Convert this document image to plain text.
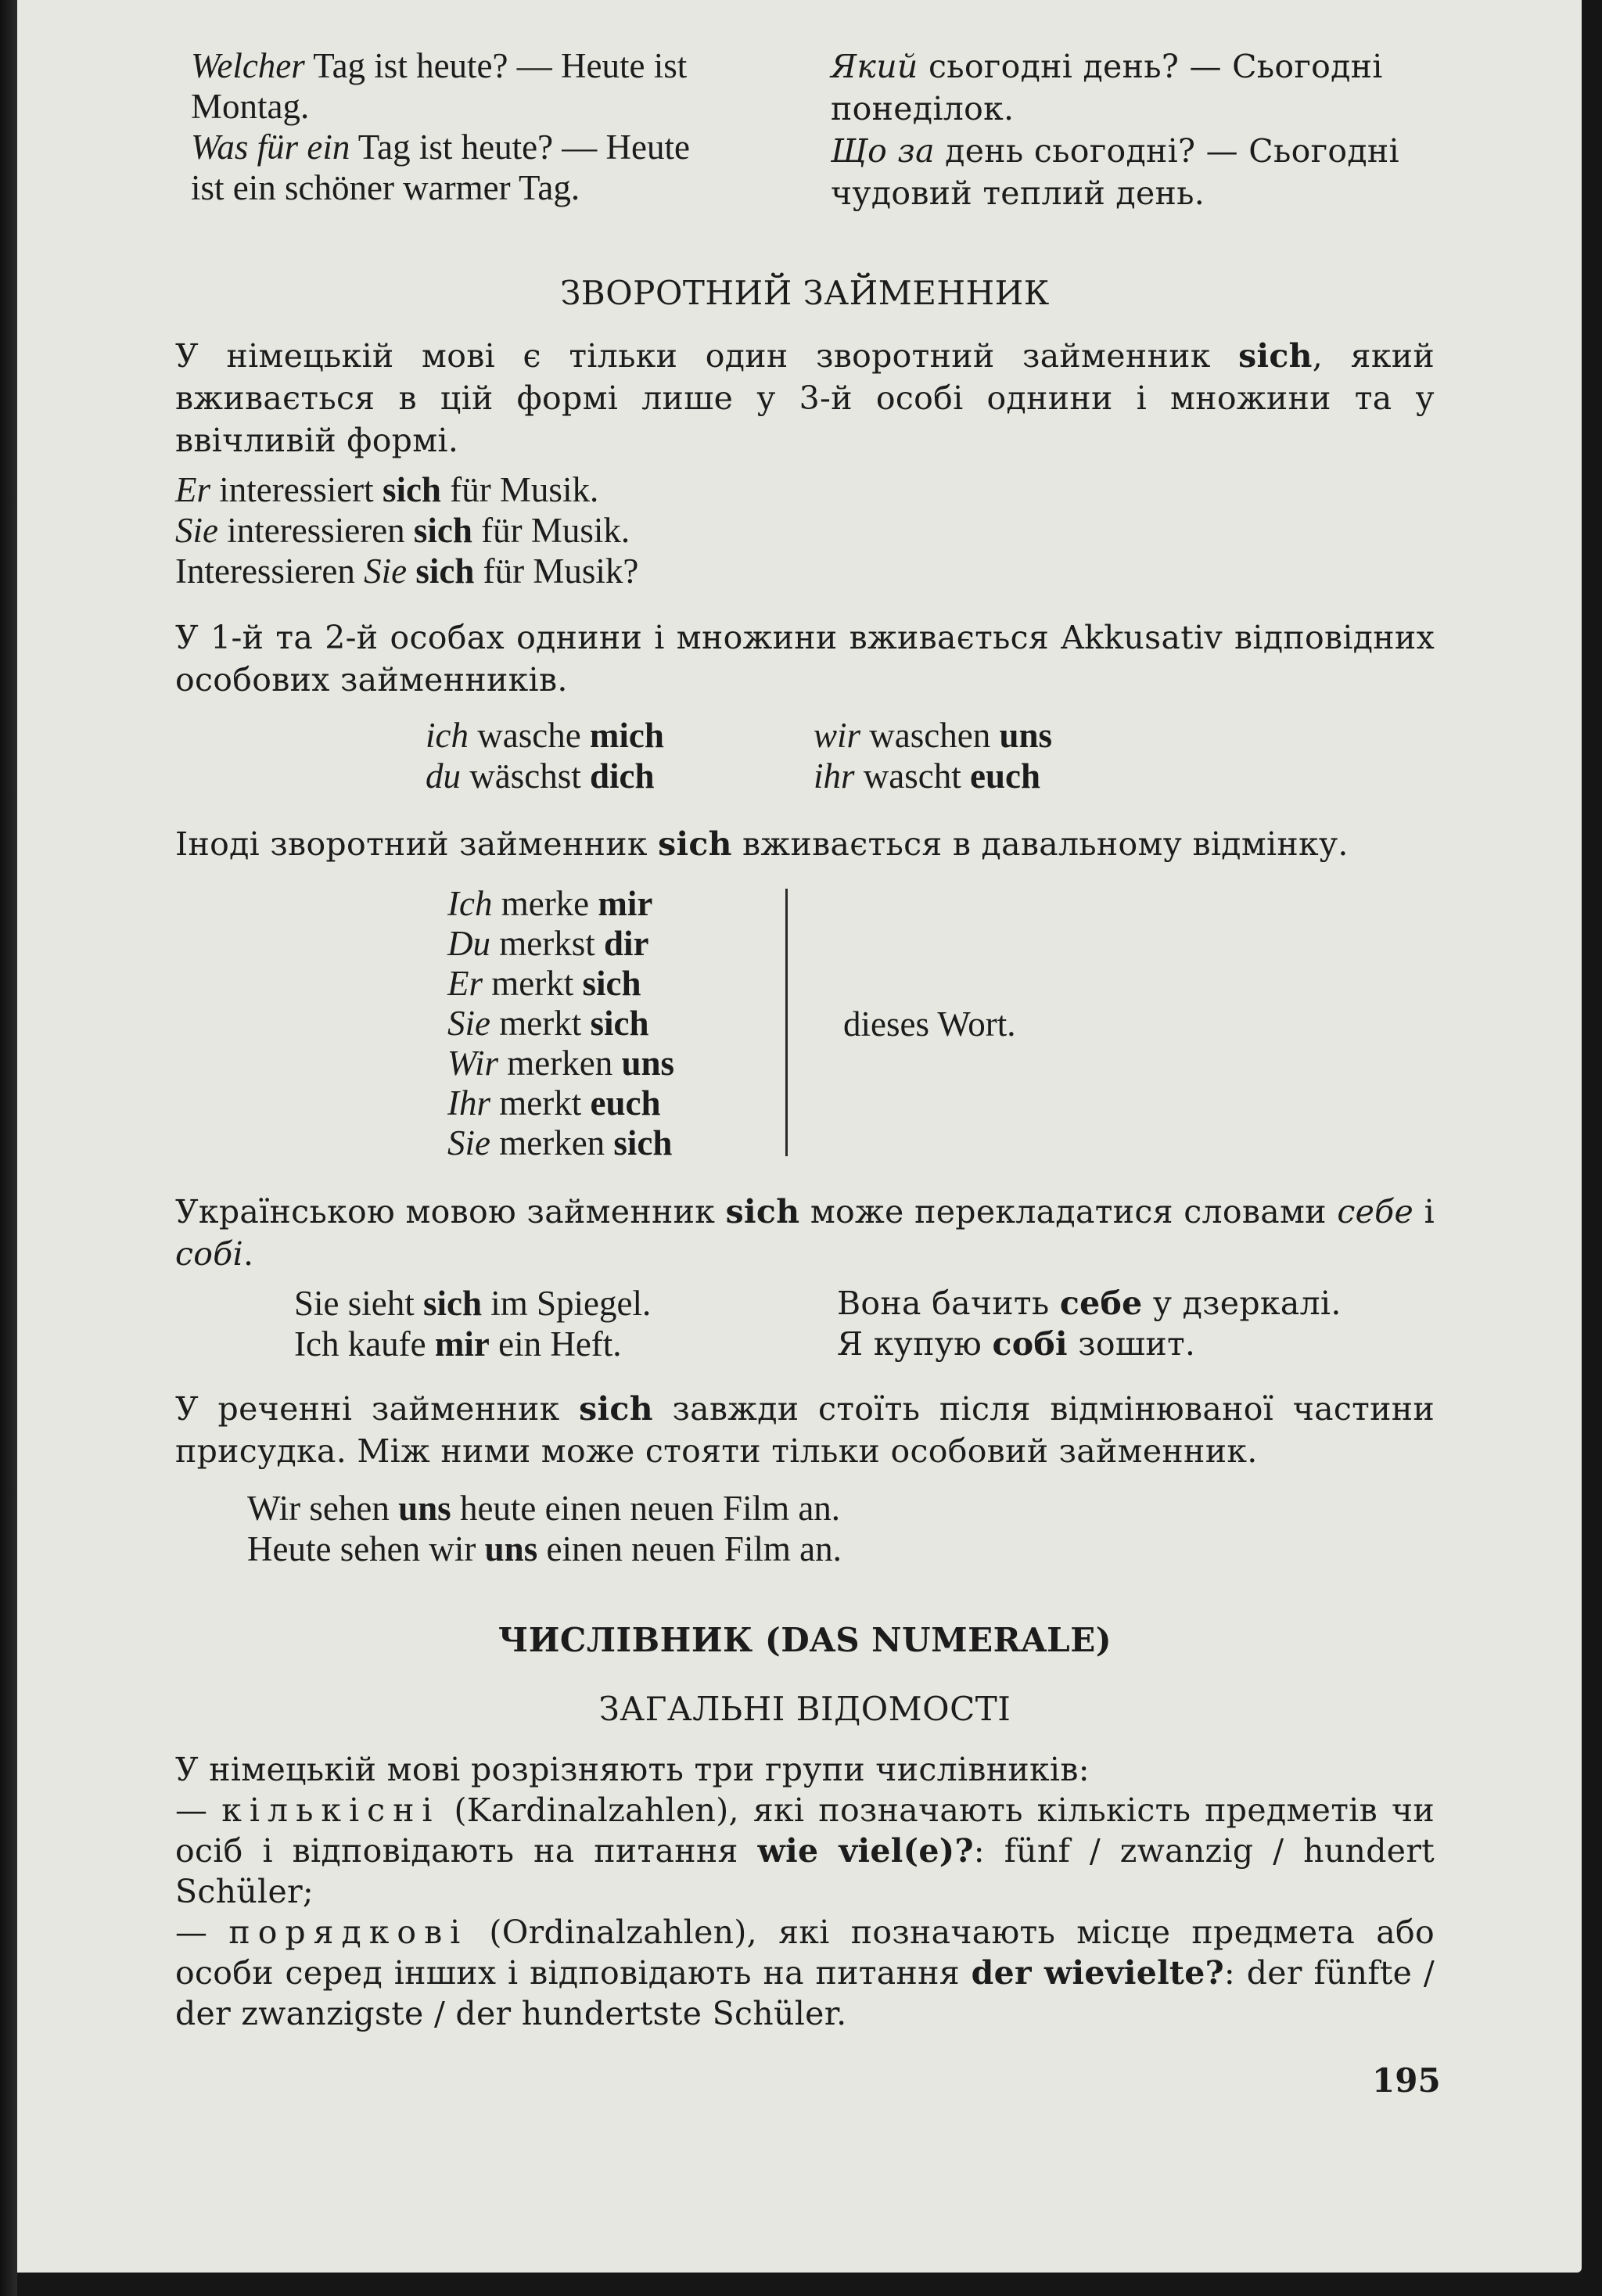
Welcher Tag ist heute? — Heute ist
Montag.
Was für ein Tag ist heute? — Heute
ist ein schöner warmer Tag.
Який сьогодні день? — Сьогодні
понеділок.
Що за день сьогодні? — Сьогодні
чудовий теплий день.
ЗВОРОТНИЙ ЗАЙМЕННИК
У німецькій мові є тільки один зворотний займенник sich, який вживається в цій формі лише у 3-й особі однини і множини та у ввічливій формі.
Er interessiert sich für Musik.
Sie interessieren sich für Musik.
Interessieren Sie sich für Musik?
У 1-й та 2-й особах однини і множини вживається Akkusativ відповідних особових займенників.
ich wasche mich
du wäschst dich
wir waschen uns
ihr wascht euch
Іноді зворотний займенник sich вживається в давальному відмінку.
Ich merke mir
Du merkst dir
Er merkt sich
Sie merkt sich
Wir merken uns
Ihr merkt euch
Sie merken sich
dieses Wort.
Українською мовою займенник sich може перекладатися словами себе і собі.
Sie sieht sich im Spiegel.
Ich kaufe mir ein Heft.
Вона бачить себе у дзеркалі.
Я купую собі зошит.
У реченні займенник sich завжди стоїть після відмінюваної частини присудка. Між ними може стояти тільки особовий займенник.
Wir sehen uns heute einen neuen Film an.
Heute sehen wir uns einen neuen Film an.
ЧИСЛІВНИК (DAS NUMERALE)
ЗАГАЛЬНІ ВІДОМОСТІ
У німецькій мові розрізняють три групи числівників:
— кількісні (Kardinalzahlen), які позначають кількість предметів чи осіб і відповідають на питання wie viel(e)?: fünf / zwanzig / hundert Schüler;
— порядкові (Ordinalzahlen), які позначають місце предмета або особи серед інших і відповідають на питання der wievielte?: der fünfte / der zwanzigste / der hundertste Schüler.
195
